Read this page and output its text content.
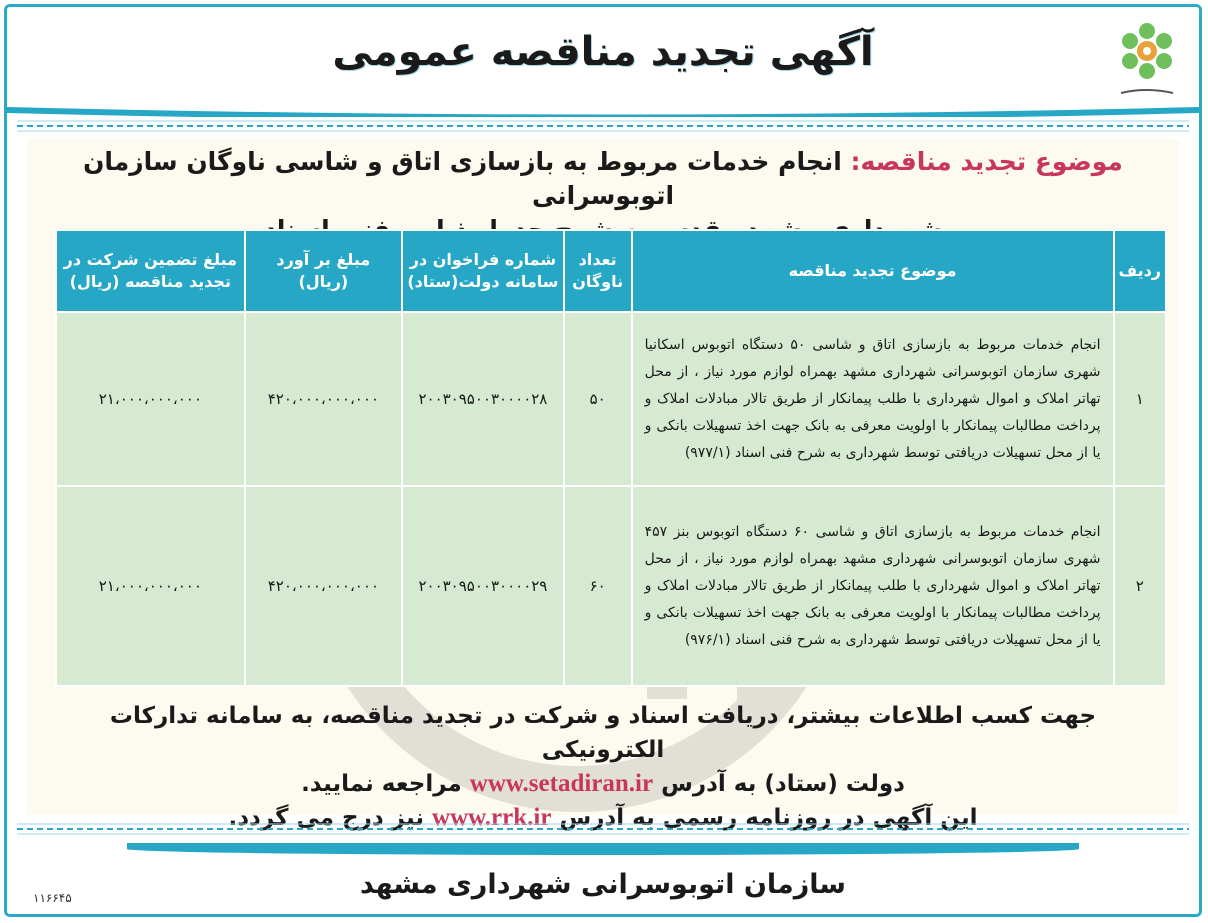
آگهی تجدید مناقصه عمومی
موضوع تجدید مناقصه: انجام خدمات مربوط به بازسازی اتاق و شاسی ناوگان سازمان اتوبوسرانی

ردیف	موضوع تجدید مناقصه	تعداد ناوگان	شماره فراخوان در سامانه دولت(ستاد)	مبلغ بر آورد (ریال)	مبلغ تضمین شرکت در تجدید مناقصه (ریال)
۱	انجام خدمات مربوط به بازسازی اتاق و شاسی ۵۰ دستگاه اتوبوس اسکانیا شهری سازمان اتوبوسرانی شهرداری مشهد بهمراه لوازم مورد نیاز ، از محل تهاتر املاک و اموال شهرداری با طلب پیمانکار از طریق تالار مبادلات املاک و پرداخت مطالبات پیمانکار با اولویت معرفی به بانک جهت اخذ تسهیلات بانکی و یا از محل تسهیلات دریافتی توسط شهرداری به شرح فنی اسناد (۹۷۷/۱)	۵۰	۲۰۰۳۰۹۵۰۰۳۰۰۰۰۲۸	۴۲۰،۰۰۰،۰۰۰،۰۰۰	۲۱،۰۰۰،۰۰۰،۰۰۰
۲	انجام خدمات مربوط به بازسازی اتاق و شاسی ۶۰ دستگاه اتوبوس بنز ۴۵۷ شهری سازمان اتوبوسرانی شهرداری مشهد بهمراه لوازم مورد نیاز ، از محل تهاتر املاک و اموال شهرداری با طلب پیمانکار از طریق تالار مبادلات املاک و پرداخت مطالبات پیمانکار با اولویت معرفی به بانک جهت اخذ تسهیلات بانکی و یا از محل تسهیلات دریافتی توسط شهرداری به شرح فنی اسناد (۹۷۶/۱)	۶۰	۲۰۰۳۰۹۵۰۰۳۰۰۰۰۲۹	۴۲۰،۰۰۰،۰۰۰،۰۰۰	۲۱،۰۰۰،۰۰۰،۰۰۰
جهت کسب اطلاعات بیشتر، دریافت اسناد و شرکت در تجدید مناقصه، به سامانه تدارکات الکترونیکی
دولت (ستاد) به آدرس www.setadiran.ir مراجعه نمایید.
این آگهی در روزنامه رسمی به آدرس www.rrk.ir نیز درج می گردد.
سازمان اتوبوسرانی شهرداری مشهد
۱۱۶۶۴۵
